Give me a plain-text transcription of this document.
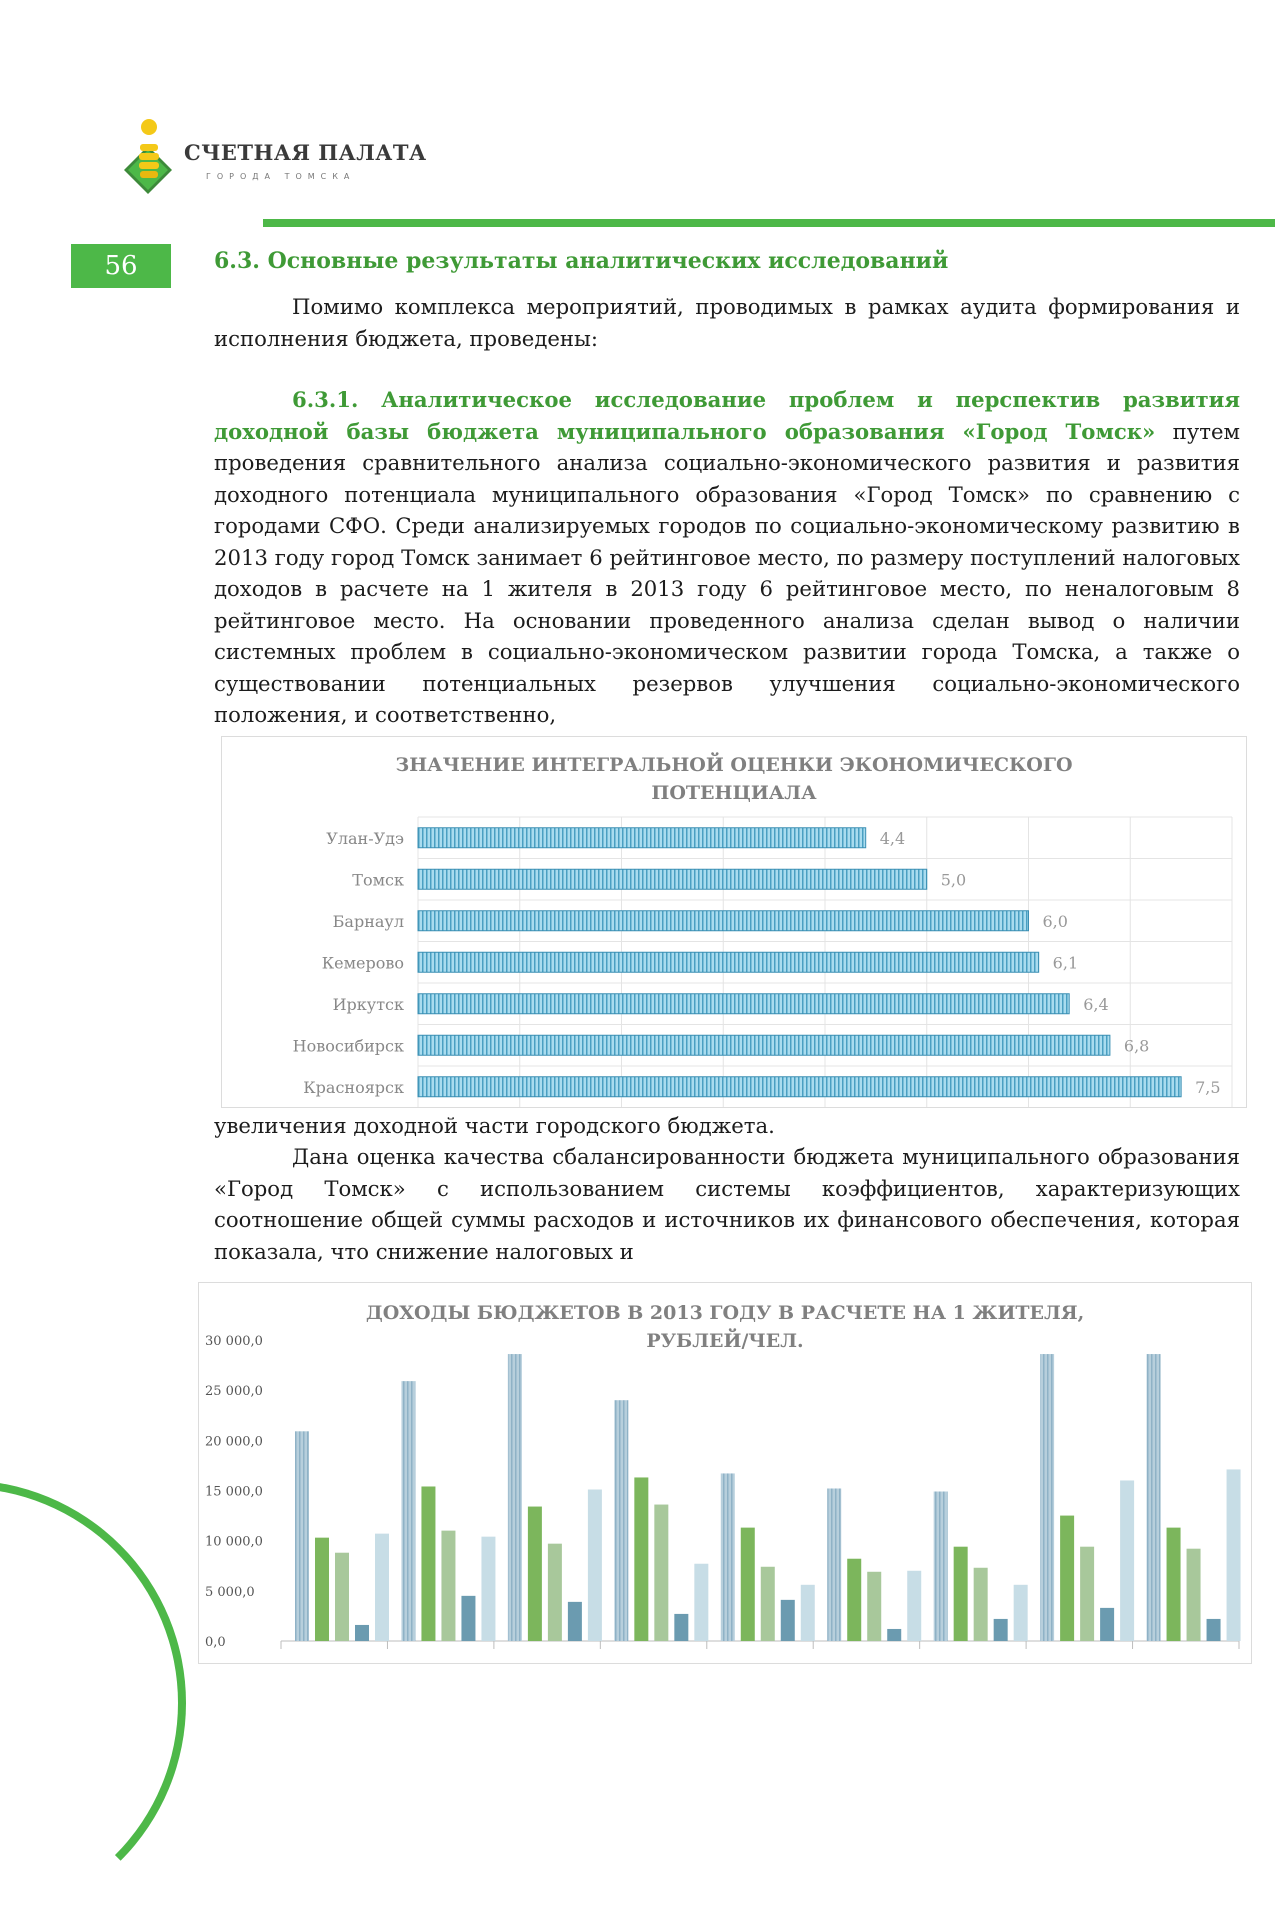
СЧЕТНАЯ ПАЛАТА
ГОРОДА ТОМСКА
56	6.3. Основные результаты аналитических исследований
Помимо комплекса мероприятий, проводимых в рамках аудита формирования и исполнения бюджета, проведены:
6.3.1. Аналитическое исследование проблем и перспектив развития доходной базы бюджета муниципального образования «Город Томск» путем проведения сравнительного анализа социально-экономического развития и развития доходного потенциала муниципального образования «Город Томск» по сравнению с городами СФО. Среди анализируемых городов по социально-экономическому развитию в 2013 году город Томск занимает 6 рейтинговое место, по размеру поступлений налоговых доходов в расчете на 1 жителя в 2013 году 6 рейтинговое место, по неналоговым 8 рейтинговое место. На основании проведенного анализа сделан вывод о наличии системных проблем в социально-экономическом развитии города Томска, а также о существовании потенциальных резервов улучшения социально-экономического положения, и соответственно,
ЗНАЧЕНИЕ ИНТЕГРАЛЬНОЙ ОЦЕНКИ ЭКОНОМИЧЕСКОГО
ПОТЕНЦИАЛА
Улан-Удэ	4,4
Томск	5,0
Барнаул	6,0
Кемерово	6,1
Иркутск	6,4
Новосибирск	6,8
Красноярск	7,5
увеличения доходной части городского бюджета.
Дана оценка качества сбалансированности бюджета муниципального образования «Город Томск» с использованием системы коэффициентов, характеризующих соотношение общей суммы расходов и источников их финансового обеспечения, которая показала, что снижение налоговых и
ДОХОДЫ БЮДЖЕТОВ В 2013 ГОДУ В РАСЧЕТЕ НА 1 ЖИТЕЛЯ,
РУБЛЕЙ/ЧЕЛ.
0,0
5 000,0
10 000,0
15 000,0
20 000,0
25 000,0
30 000,0
